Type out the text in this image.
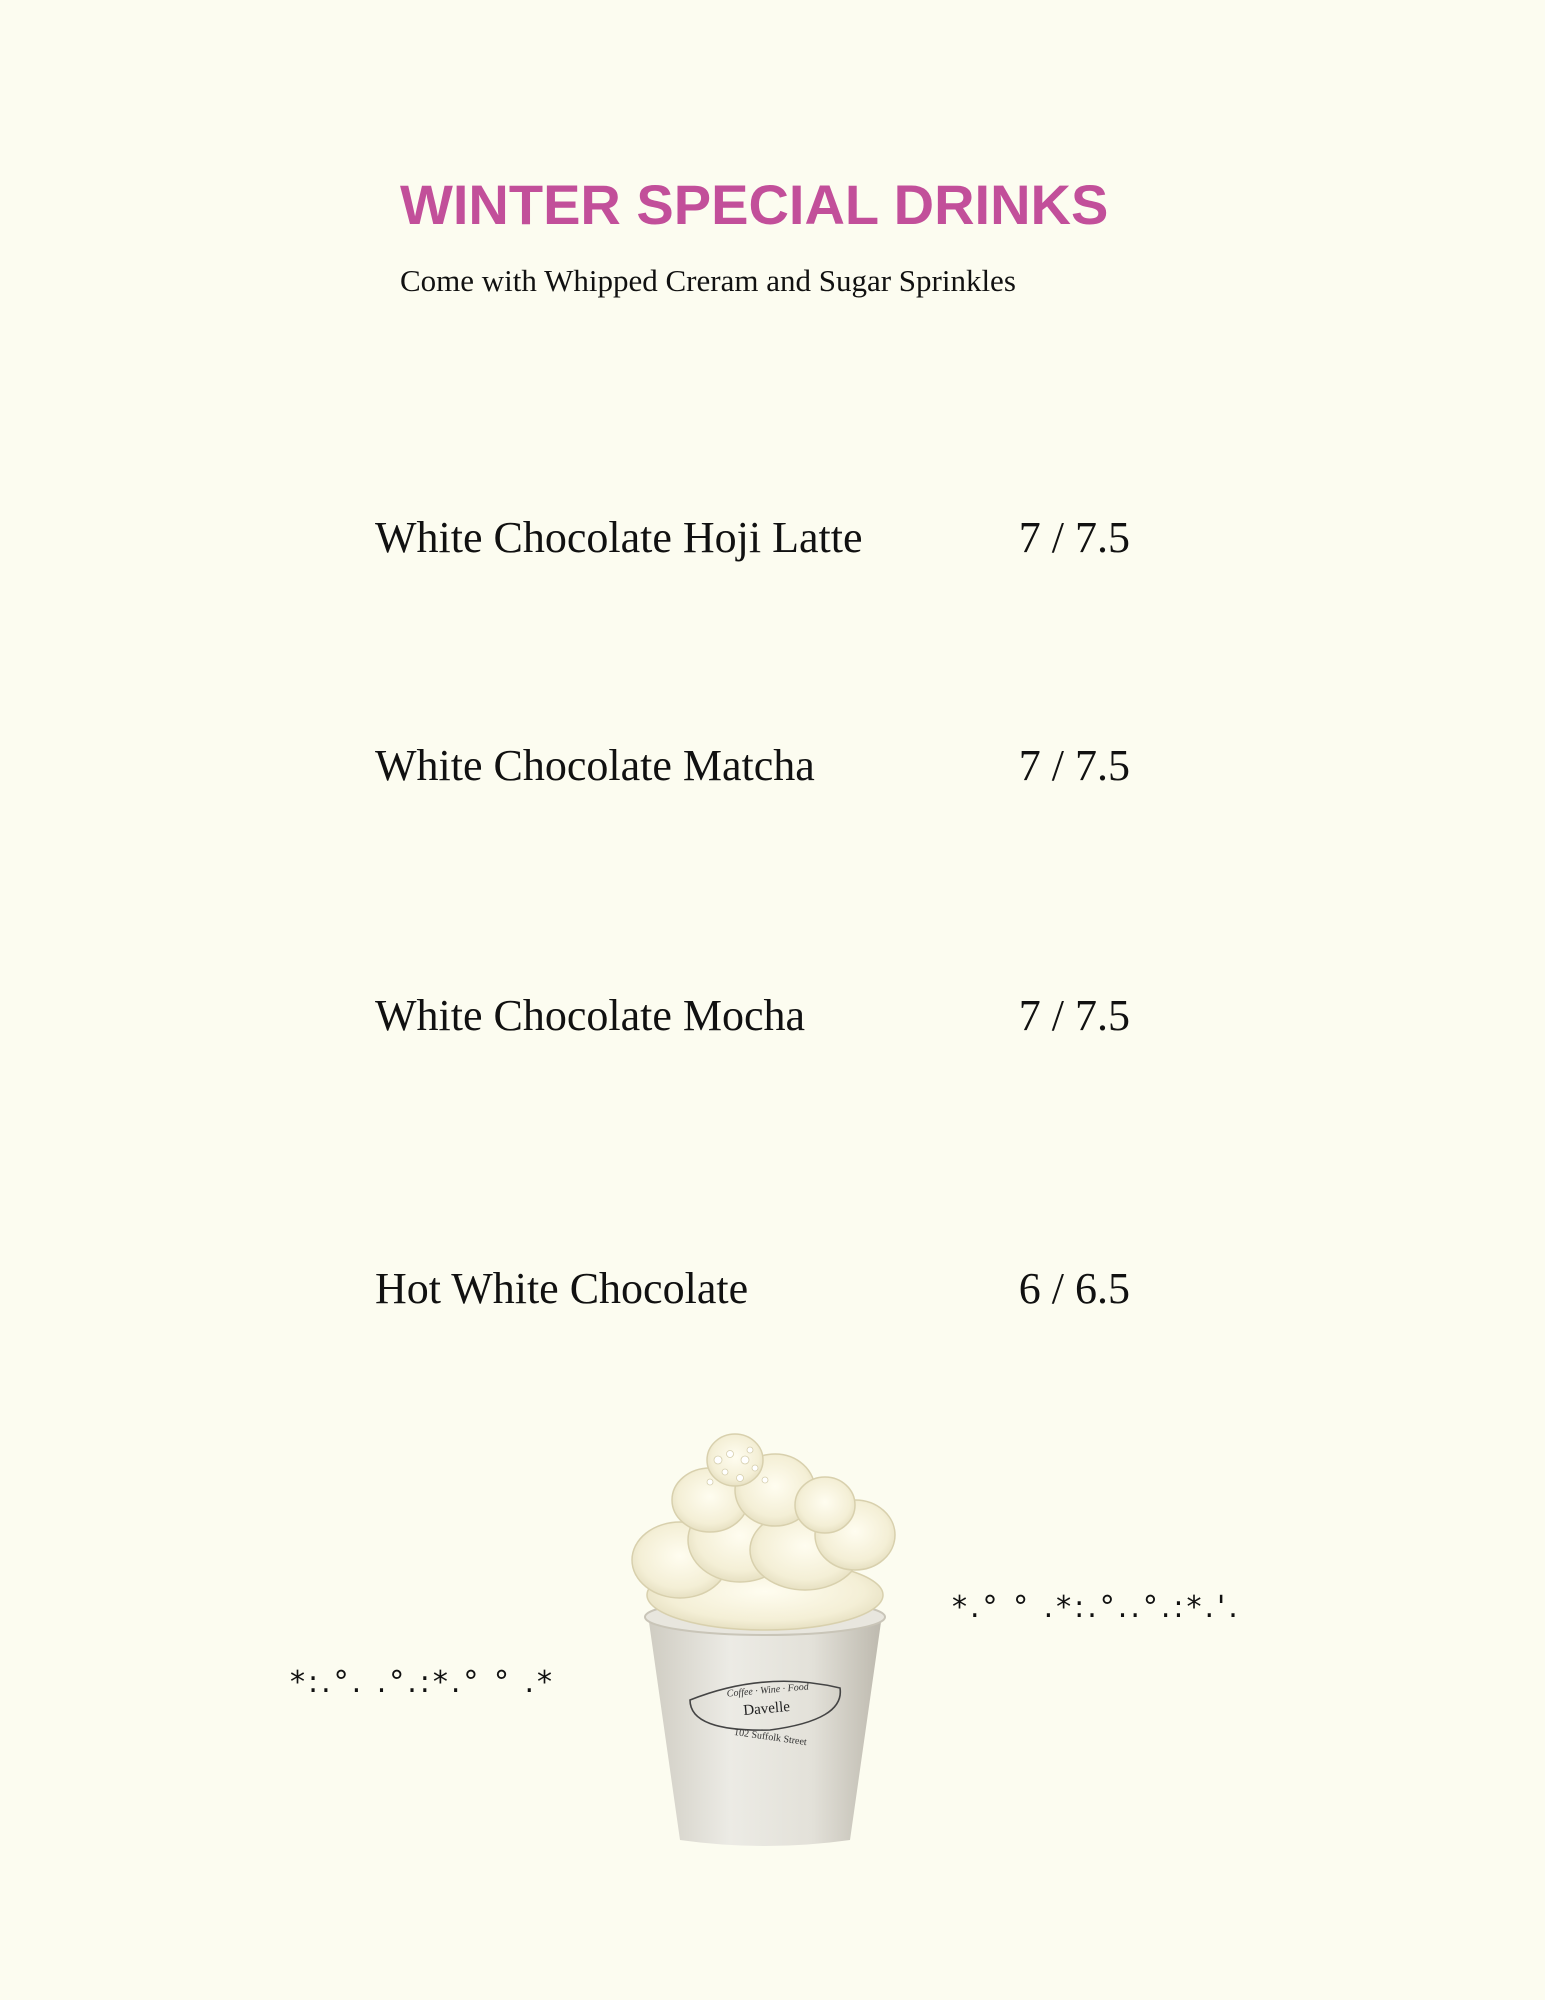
WINTER SPECIAL DRINKS
Come with Whipped Creram and Sugar Sprinkles
White Chocolate Hoji Latte	7 / 7.5
White Chocolate Matcha	7 / 7.5
White Chocolate Mocha	7 / 7.5
Hot White Chocolate	6 / 6.5
*:.°. .°.:*.° ° .*
*.° ° .*:.°..°.:*.'.
Coffee · Wine · Food
Davelle
102 Suffolk Street
